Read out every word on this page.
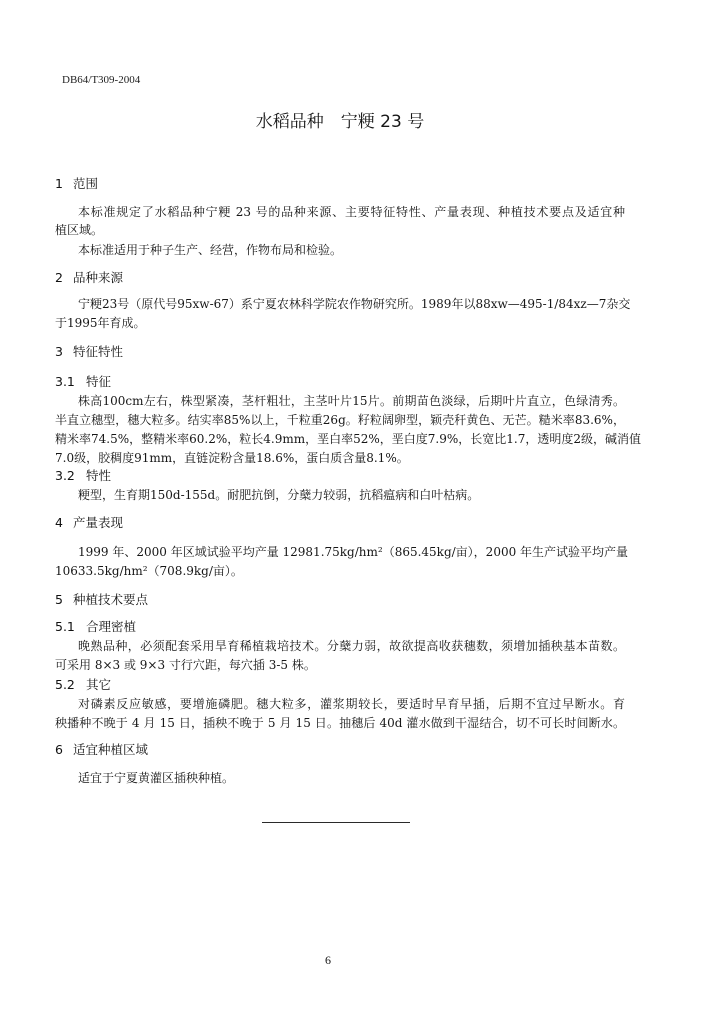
DB64/T309-2004
水稻品种　宁粳 23 号
1 范围
本标准规定了水稻品种宁粳 23 号的品种来源、主要特征特性、产量表现、种植技术要点及适宜种
植区域。
本标准适用于种子生产、经营，作物布局和检验。
2 品种来源
宁粳23号（原代号95xw-67）系宁夏农林科学院农作物研究所。1989年以88xw—495-1/84xz—7杂交
于1995年育成。
3 特征特性
3.1 特征
株高100cm左右，株型紧凑，茎杆粗壮，主茎叶片15片。前期苗色淡绿，后期叶片直立，色绿清秀。
半直立穗型，穗大粒多。结实率85%以上，千粒重26g。籽粒阔卵型，颖壳秆黄色、无芒。糙米率83.6%，
精米率74.5%，整精米率60.2%，粒长4.9mm，垩白率52%，垩白度7.9%，长宽比1.7，透明度2级，碱消值
7.0级，胶稠度91mm，直链淀粉含量18.6%，蛋白质含量8.1%。
3.2 特性
粳型，生育期150d-155d。耐肥抗倒，分蘖力较弱，抗稻瘟病和白叶枯病。
4 产量表现
1999 年、2000 年区域试验平均产量 12981.75kg/hm²（865.45kg/亩），2000 年生产试验平均产量
10633.5kg/hm²（708.9kg/亩）。
5 种植技术要点
5.1 合理密植
晚熟品种，必须配套采用旱育稀植栽培技术。分蘖力弱，故欲提高收获穗数，须增加插秧基本苗数。
可采用 8×3 或 9×3 寸行穴距，每穴插 3-5 株。
5.2 其它
对磷素反应敏感，要增施磷肥。穗大粒多，灌浆期较长，要适时早育早插，后期不宜过早断水。育
秧播种不晚于 4 月 15 日，插秧不晚于 5 月 15 日。抽穗后 40d 灌水做到干湿结合，切不可长时间断水。
6 适宜种植区域
适宜于宁夏黄灌区插秧种植。
6
